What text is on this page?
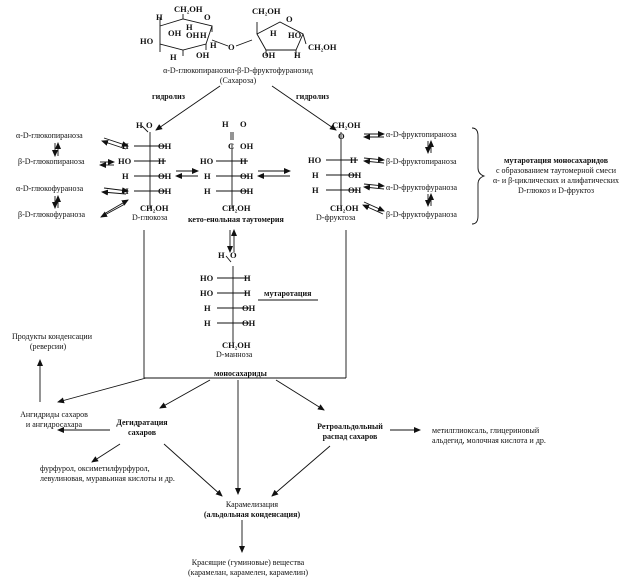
CH₂OH
O
H
H
OH H
HO
OH
H OH
H
CH₂OH
O
H HO
OH H
CH₂OH
O
α-D-глюкопиранозил-β-D-фруктофуранозид
(Сахароза)
гидролиз	гидролиз
H O
H	OH
HO	H
H	OH
H	OH
CH₂OH
D-глюкоза
α-D-глюкопираноза
β-D-глюкопираноза
α-D-глюкофураноза
β-D-глюкофураноза
H O
C OH
HO	H
H	OH
H	OH
CH₂OH
кето-енольная таутомерия
CH₂OH
O
HO	H
H	OH
H	OH
CH₂OH
D-фруктоза
α-D-фруктопираноза
β-D-фруктопираноза
α-D-фруктофураноза
β-D-фруктофураноза
мутаротация моносахаридов
с образованием таутомерной смеси
α- и β-циклических и алифатических
D-глюкоз и D-фруктоз
H O
HO	H
HO	H
H	OH
H	OH
CH₂OH
D-манноза
мутаротация
моносахариды
Продукты конденсации
(реверсии)
Ангидриды сахаров
и ангидросахара	Дегидратация
сахаров
Ретроальдольный
распад сахаров
метилглиоксаль, глицериновый
альдегид, молочная кислота и др.
фурфурол, оксиметилфурфурол,
левулиновая, муравьиная кислоты и др.
Карамелизация
(альдольная конденсация)
Красящие (гуминовые) вещества
(карамелан, карамелен, карамелин)
